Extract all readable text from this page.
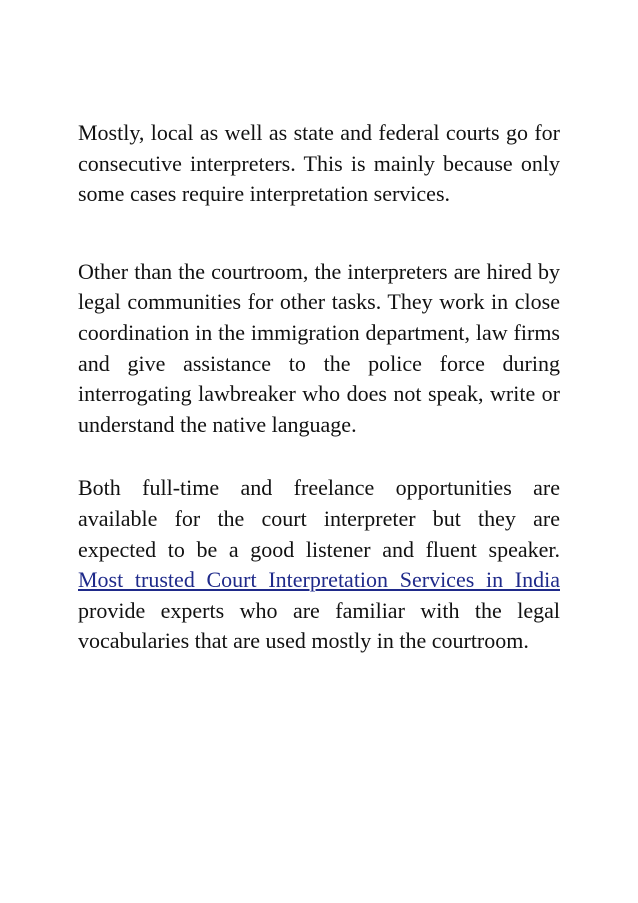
Mostly, local as well as state and federal courts go for consecutive interpreters. This is mainly because only some cases require interpretation services.

Other than the courtroom, the interpreters are hired by legal communities for other tasks. They work in close coordination in the immigration department, law firms and give assistance to the police force during interrogating lawbreaker who does not speak, write or understand the native language.

Both full-time and freelance opportunities are available for the court interpreter but they are expected to be a good listener and fluent speaker. Most trusted Court Interpretation Services in India provide experts who are familiar with the legal vocabularies that are used mostly in the courtroom.
